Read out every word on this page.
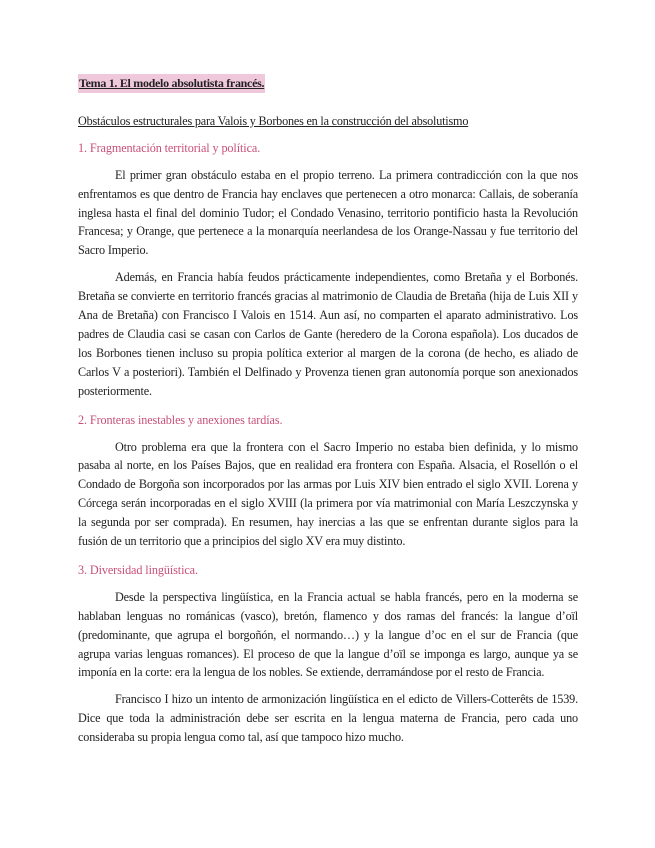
Tema 1. El modelo absolutista francés.
Obstáculos estructurales para Valois y Borbones en la construcción del absolutismo
1. Fragmentación territorial y política.

El primer gran obstáculo estaba en el propio terreno. La primera contradicción con la que nos enfrentamos es que dentro de Francia hay enclaves que pertenecen a otro monarca: Callais, de soberanía inglesa hasta el final del dominio Tudor; el Condado Venasino, territorio pontificio hasta la Revolución Francesa; y Orange, que pertenece a la monarquía neerlandesa de los Orange-Nassau y fue territorio del Sacro Imperio.

Además, en Francia había feudos prácticamente independientes, como Bretaña y el Borbonés. Bretaña se convierte en territorio francés gracias al matrimonio de Claudia de Bretaña (hija de Luis XII y Ana de Bretaña) con Francisco I Valois en 1514. Aun así, no comparten el aparato administrativo. Los padres de Claudia casi se casan con Carlos de Gante (heredero de la Corona española). Los ducados de los Borbones tienen incluso su propia política exterior al margen de la corona (de hecho, es aliado de Carlos V a posteriori). También el Delfinado y Provenza tienen gran autonomía porque son anexionados posteriormente.

2. Fronteras inestables y anexiones tardías.

Otro problema era que la frontera con el Sacro Imperio no estaba bien definida, y lo mismo pasaba al norte, en los Países Bajos, que en realidad era frontera con España. Alsacia, el Rosellón o el Condado de Borgoña son incorporados por las armas por Luis XIV bien entrado el siglo XVII. Lorena y Córcega serán incorporadas en el siglo XVIII (la primera por vía matrimonial con María Leszczynska y la segunda por ser comprada). En resumen, hay inercias a las que se enfrentan durante siglos para la fusión de un territorio que a principios del siglo XV era muy distinto.

3. Diversidad lingüística.

Desde la perspectiva lingüística, en la Francia actual se habla francés, pero en la moderna se hablaban lenguas no románicas (vasco), bretón, flamenco y dos ramas del francés: la langue d’oïl (predominante, que agrupa el borgoñón, el normando…) y la langue d’oc en el sur de Francia (que agrupa varias lenguas romances). El proceso de que la langue d’oïl se imponga es largo, aunque ya se imponía en la corte: era la lengua de los nobles. Se extiende, derramándose por el resto de Francia.

Francisco I hizo un intento de armonización lingüística en el edicto de Villers-Cotterêts de 1539. Dice que toda la administración debe ser escrita en la lengua materna de Francia, pero cada uno consideraba su propia lengua como tal, así que tampoco hizo mucho.
